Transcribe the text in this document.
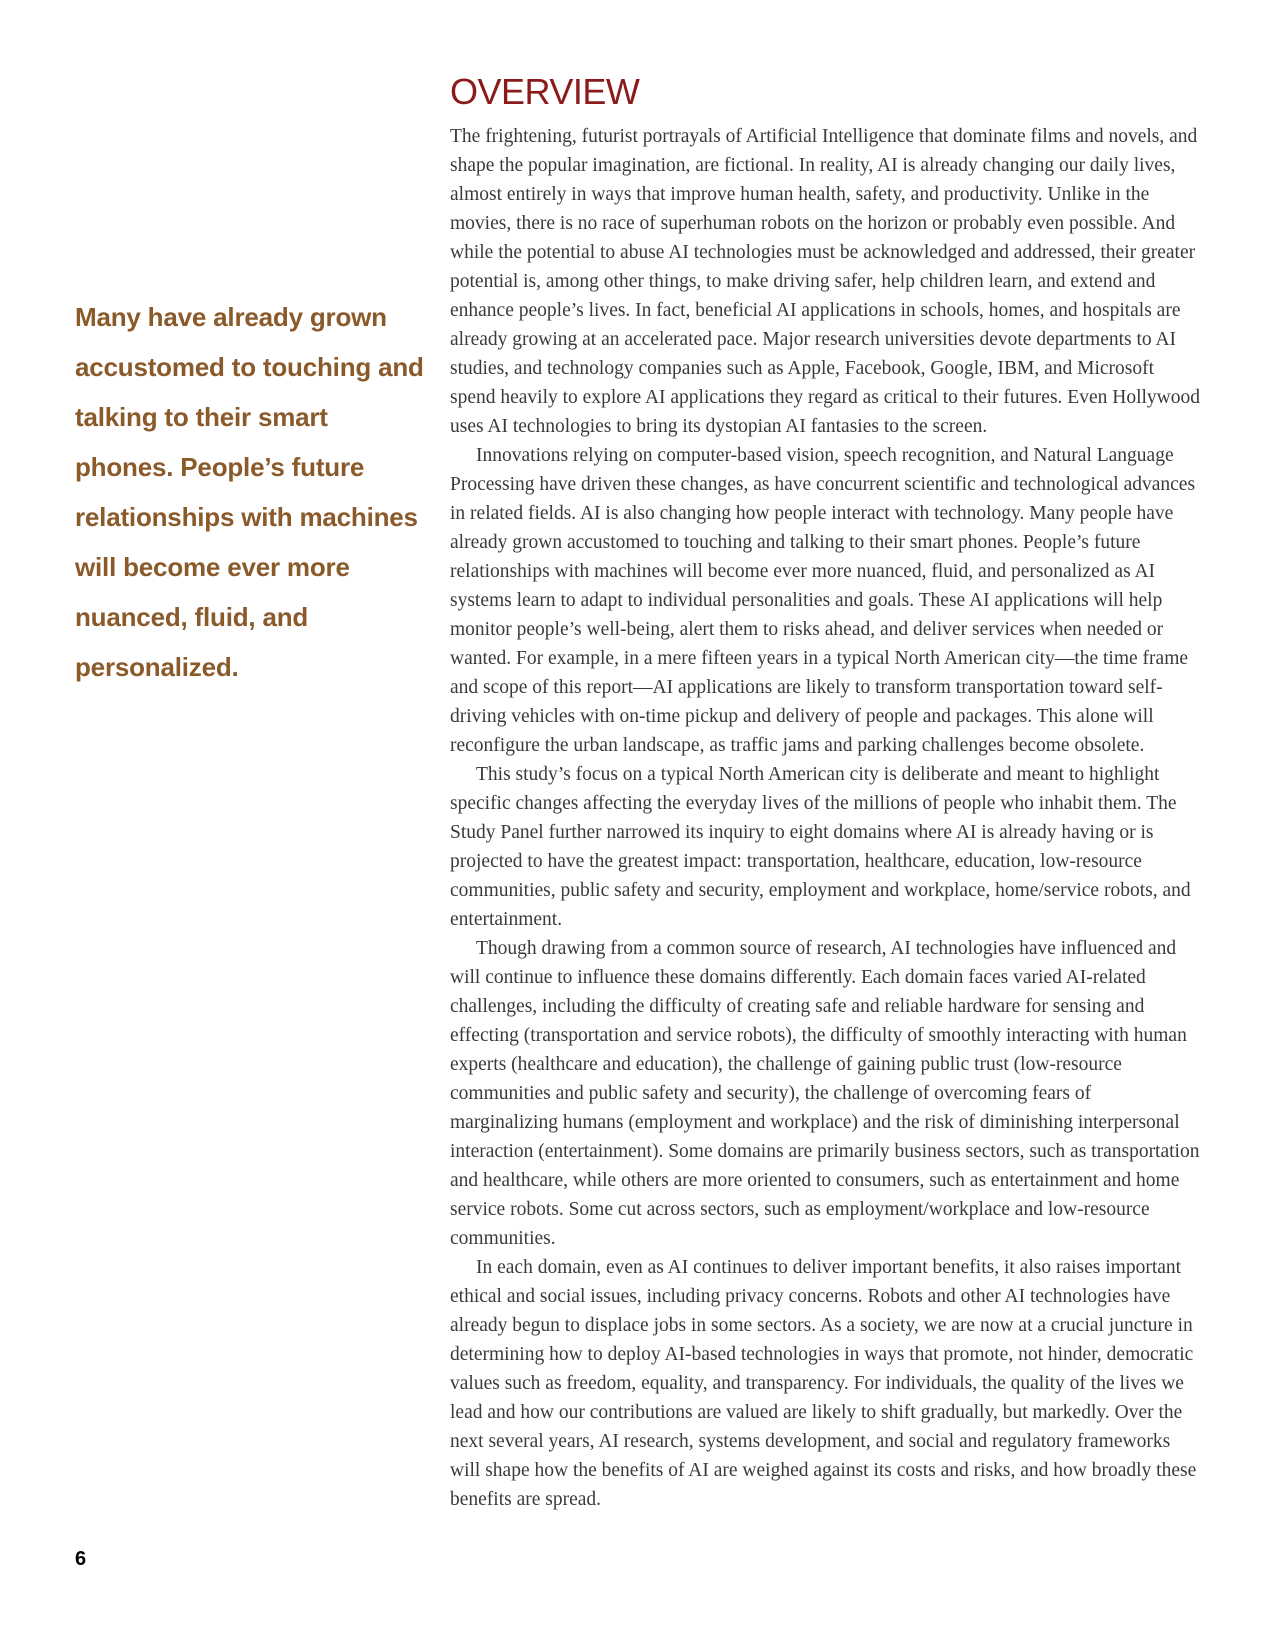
Many have already grown accustomed to touching and talking to their smart phones. People’s future relationships with machines will become ever more nuanced, fluid, and personalized.

OVERVIEW

The frightening, futurist portrayals of Artificial Intelligence that dominate films and novels, and shape the popular imagination, are fictional. In reality, AI is already changing our daily lives, almost entirely in ways that improve human health, safety, and productivity. Unlike in the movies, there is no race of superhuman robots on the horizon or probably even possible. And while the potential to abuse AI technologies must be acknowledged and addressed, their greater potential is, among other things, to make driving safer, help children learn, and extend and enhance people’s lives. In fact, beneficial AI applications in schools, homes, and hospitals are already growing at an accelerated pace. Major research universities devote departments to AI studies, and technology companies such as Apple, Facebook, Google, IBM, and Microsoft spend heavily to explore AI applications they regard as critical to their futures. Even Hollywood uses AI technologies to bring its dystopian AI fantasies to the screen.

Innovations relying on computer-based vision, speech recognition, and Natural Language Processing have driven these changes, as have concurrent scientific and technological advances in related fields. AI is also changing how people interact with technology. Many people have already grown accustomed to touching and talking to their smart phones. People’s future relationships with machines will become ever more nuanced, fluid, and personalized as AI systems learn to adapt to individual personalities and goals. These AI applications will help monitor people’s well-being, alert them to risks ahead, and deliver services when needed or wanted. For example, in a mere fifteen years in a typical North American city—the time frame and scope of this report—AI applications are likely to transform transportation toward self-driving vehicles with on-time pickup and delivery of people and packages. This alone will reconfigure the urban landscape, as traffic jams and parking challenges become obsolete.

This study’s focus on a typical North American city is deliberate and meant to highlight specific changes affecting the everyday lives of the millions of people who inhabit them. The Study Panel further narrowed its inquiry to eight domains where AI is already having or is projected to have the greatest impact: transportation, healthcare, education, low-resource communities, public safety and security, employment and workplace, home/service robots, and entertainment.

Though drawing from a common source of research, AI technologies have influenced and will continue to influence these domains differently. Each domain faces varied AI-related challenges, including the difficulty of creating safe and reliable hardware for sensing and effecting (transportation and service robots), the difficulty of smoothly interacting with human experts (healthcare and education), the challenge of gaining public trust (low-resource communities and public safety and security), the challenge of overcoming fears of marginalizing humans (employment and workplace) and the risk of diminishing interpersonal interaction (entertainment). Some domains are primarily business sectors, such as transportation and healthcare, while others are more oriented to consumers, such as entertainment and home service robots. Some cut across sectors, such as employment/workplace and low-resource communities.

In each domain, even as AI continues to deliver important benefits, it also raises important ethical and social issues, including privacy concerns. Robots and other AI technologies have already begun to displace jobs in some sectors. As a society, we are now at a crucial juncture in determining how to deploy AI-based technologies in ways that promote, not hinder, democratic values such as freedom, equality, and transparency. For individuals, the quality of the lives we lead and how our contributions are valued are likely to shift gradually, but markedly. Over the next several years, AI research, systems development, and social and regulatory frameworks will shape how the benefits of AI are weighed against its costs and risks, and how broadly these benefits are spread.

6
